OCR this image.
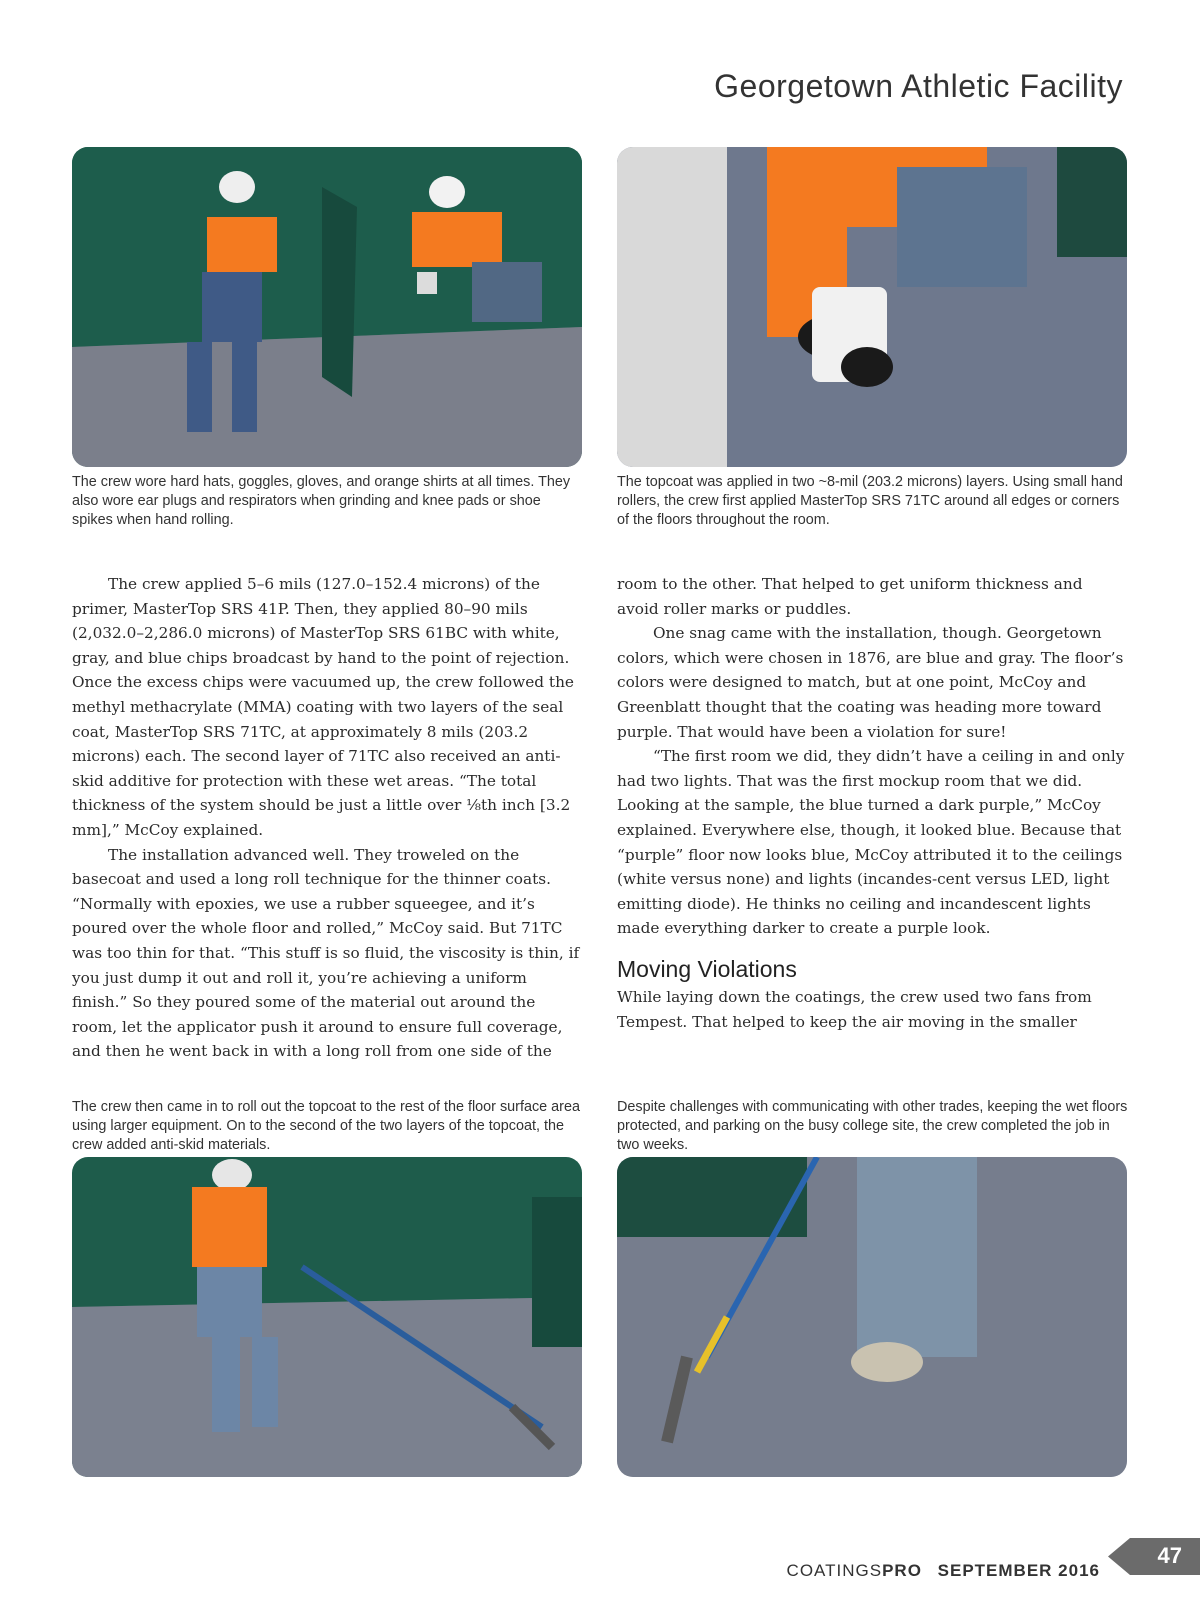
Georgetown Athletic Facility

The crew wore hard hats, goggles, gloves, and orange shirts at all times. They also wore ear plugs and respirators when grinding and knee pads or shoe spikes when hand rolling.

The topcoat was applied in two ~8-mil (203.2 microns) layers. Using small hand rollers, the crew first applied MasterTop SRS 71TC around all edges or corners of the floors throughout the room.

The crew applied 5–6 mils (127.0–152.4 microns) of the primer, MasterTop SRS 41P. Then, they applied 80–90 mils (2,032.0–2,286.0 microns) of MasterTop SRS 61BC with white, gray, and blue chips broadcast by hand to the point of rejection. Once the excess chips were vacuumed up, the crew followed the methyl methacrylate (MMA) coating with two layers of the seal coat, MasterTop SRS 71TC, at approximately 8 mils (203.2 microns) each. The second layer of 71TC also received an anti-skid additive for protection with these wet areas. “The total thickness of the system should be just a little over ⅛th inch [3.2 mm],” McCoy explained.

The installation advanced well. They troweled on the basecoat and used a long roll technique for the thinner coats. “Normally with epoxies, we use a rubber squeegee, and it’s poured over the whole floor and rolled,” McCoy said. But 71TC was too thin for that. “This stuff is so fluid, the viscosity is thin, if you just dump it out and roll it, you’re achieving a uniform finish.” So they poured some of the material out around the room, let the applicator push it around to ensure full coverage, and then he went back in with a long roll from one side of the

room to the other. That helped to get uniform thickness and avoid roller marks or puddles.

One snag came with the installation, though. Georgetown colors, which were chosen in 1876, are blue and gray. The floor’s colors were designed to match, but at one point, McCoy and Greenblatt thought that the coating was heading more toward purple. That would have been a violation for sure!

“The first room we did, they didn’t have a ceiling in and only had two lights. That was the first mockup room that we did. Looking at the sample, the blue turned a dark purple,” McCoy explained. Everywhere else, though, it looked blue. Because that “purple” floor now looks blue, McCoy attributed it to the ceilings (white versus none) and lights (incandes-cent versus LED, light emitting diode). He thinks no ceiling and incandescent lights made everything darker to create a purple look.

Moving Violations

While laying down the coatings, the crew used two fans from Tempest. That helped to keep the air moving in the smaller

The crew then came in to roll out the topcoat to the rest of the floor surface area using larger equipment. On to the second of the two layers of the topcoat, the crew added anti-skid materials.

Despite challenges with communicating with other trades, keeping the wet floors protected, and parking on the busy college site, the crew completed the job in two weeks.

COATINGSPRO SEPTEMBER 2016
47
